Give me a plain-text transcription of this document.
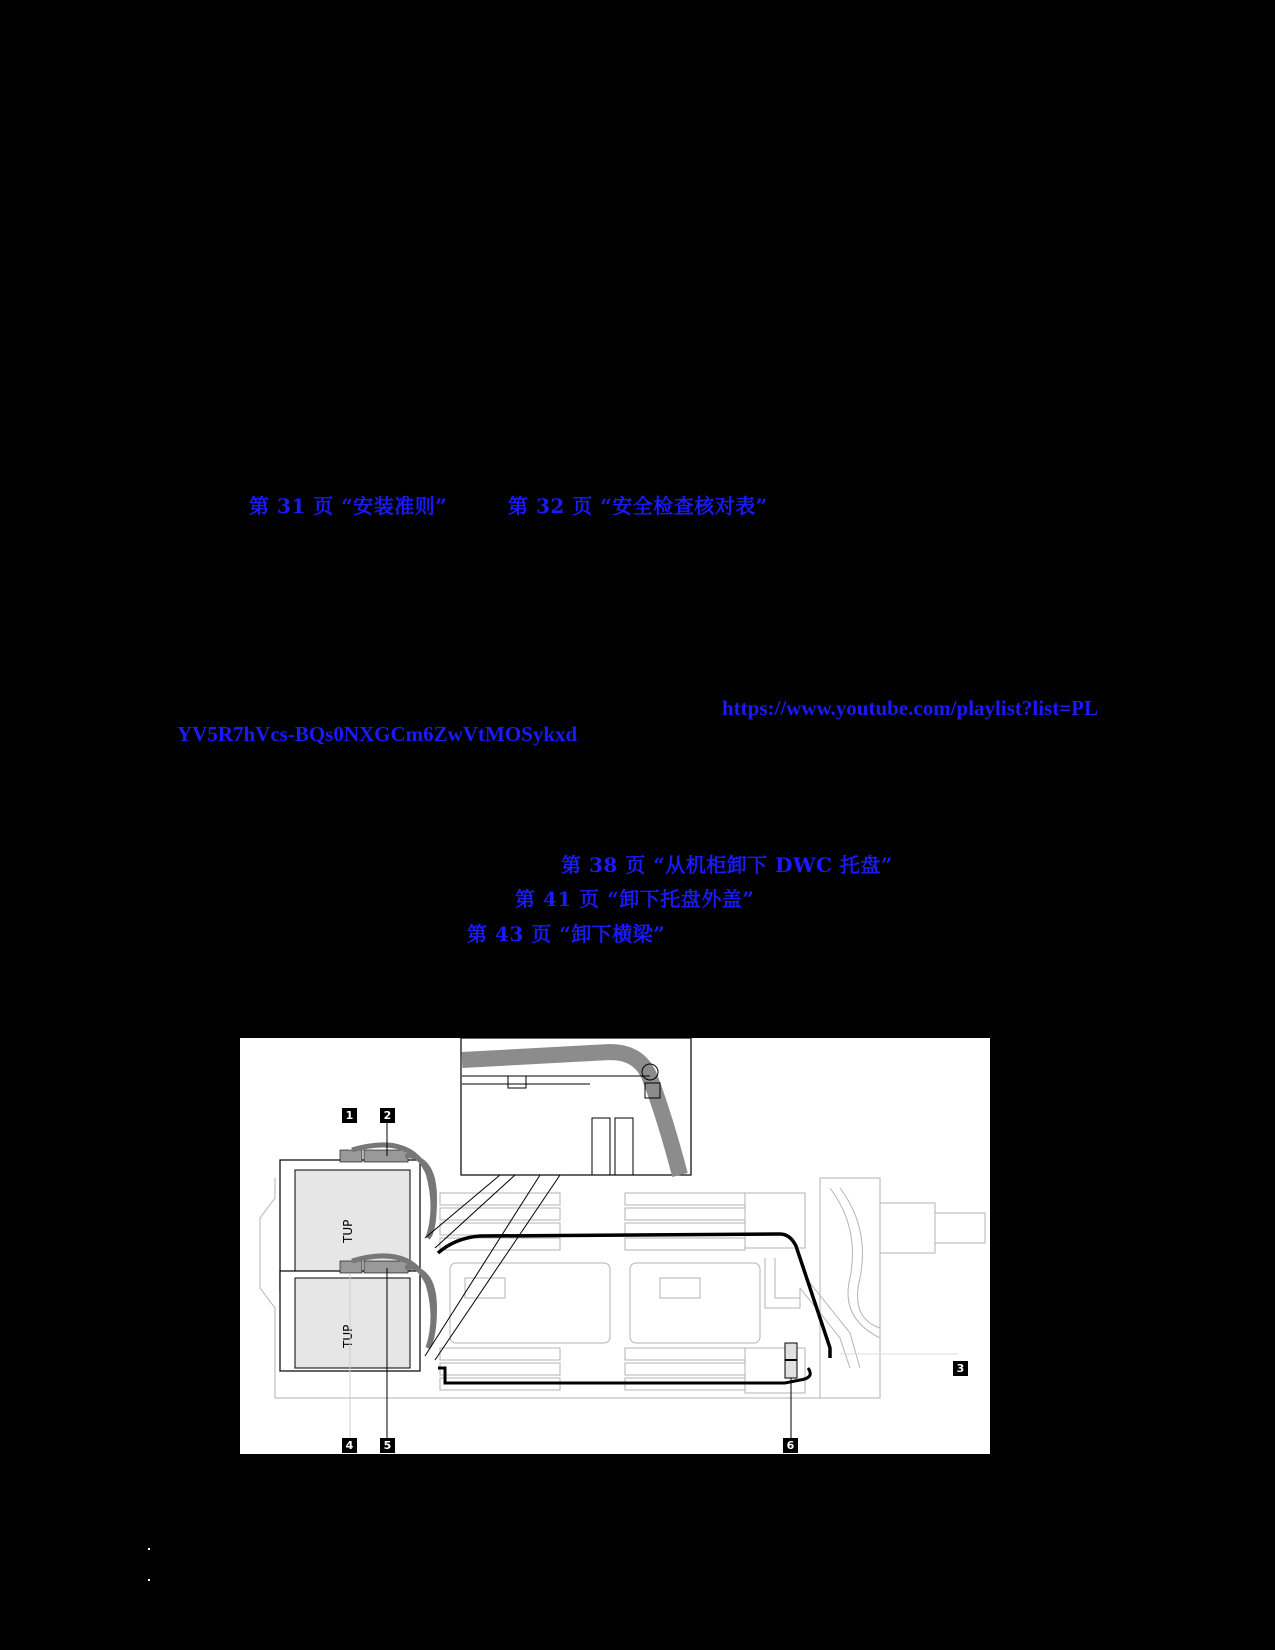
第 31 页 “安装准则”	第 32 页 “安全检查核对表”
https://www.youtube.com/playlist?list=PL
YV5R7hVcs-BQs0NXGCm6ZwVtMOSykxd
第 38 页 “从机柜卸下 DWC 托盘”
第 41 页 “卸下托盘外盖”
第 43 页 “卸下横梁”
TUP
TUP
1	2
3
4	5	6
